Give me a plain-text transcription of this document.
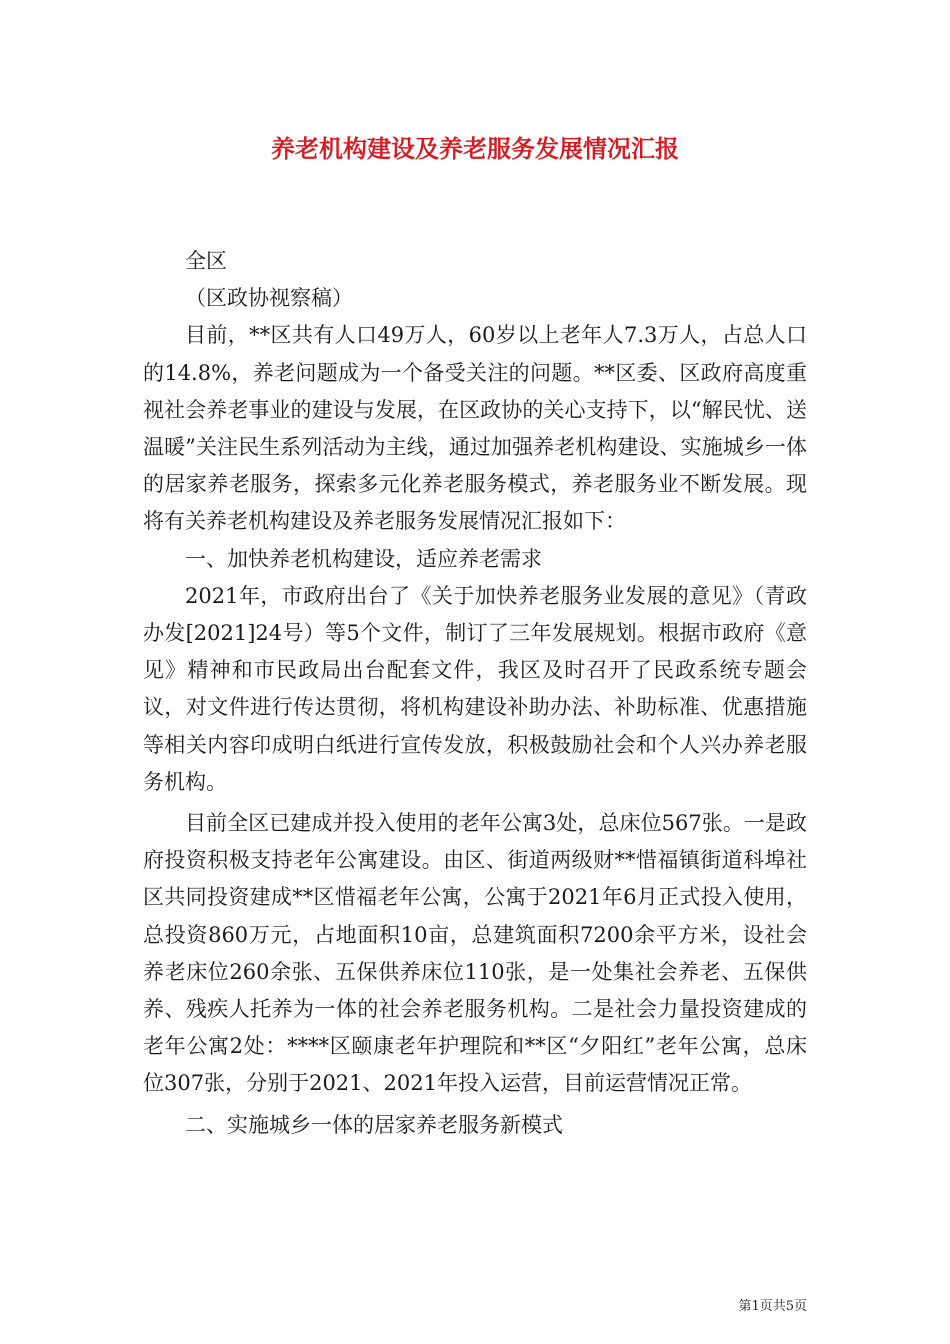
养老机构建设及养老服务发展情况汇报

全区

（区政协视察稿）

目前，**区共有人口49万人，60岁以上老年人7.3万人，占总人口的14.8%，养老问题成为一个备受关注的问题。**区委、区政府高度重视社会养老事业的建设与发展，在区政协的关心支持下，以“解民忧、送温暖”关注民生系列活动为主线，通过加强养老机构建设、实施城乡一体的居家养老服务，探索多元化养老服务模式，养老服务业不断发展。现将有关养老机构建设及养老服务发展情况汇报如下：

一、加快养老机构建设，适应养老需求

2021年，市政府出台了《关于加快养老服务业发展的意见》（青政办发[2021]24号）等5个文件，制订了三年发展规划。根据市政府《意见》精神和市民政局出台配套文件，我区及时召开了民政系统专题会议，对文件进行传达贯彻，将机构建设补助办法、补助标准、优惠措施等相关内容印成明白纸进行宣传发放，积极鼓励社会和个人兴办养老服务机构。

目前全区已建成并投入使用的老年公寓3处，总床位567张。一是政府投资积极支持老年公寓建设。由区、街道两级财**惜福镇街道科埠社区共同投资建成**区惜福老年公寓，公寓于2021年6月正式投入使用，总投资860万元，占地面积10亩，总建筑面积7200余平方米，设社会养老床位260余张、五保供养床位110张，是一处集社会养老、五保供养、残疾人托养为一体的社会养老服务机构。二是社会力量投资建成的老年公寓2处：****区颐康老年护理院和**区“夕阳红”老年公寓，总床位307张，分别于2021、2021年投入运营，目前运营情况正常。

二、实施城乡一体的居家养老服务新模式

第1页共5页
